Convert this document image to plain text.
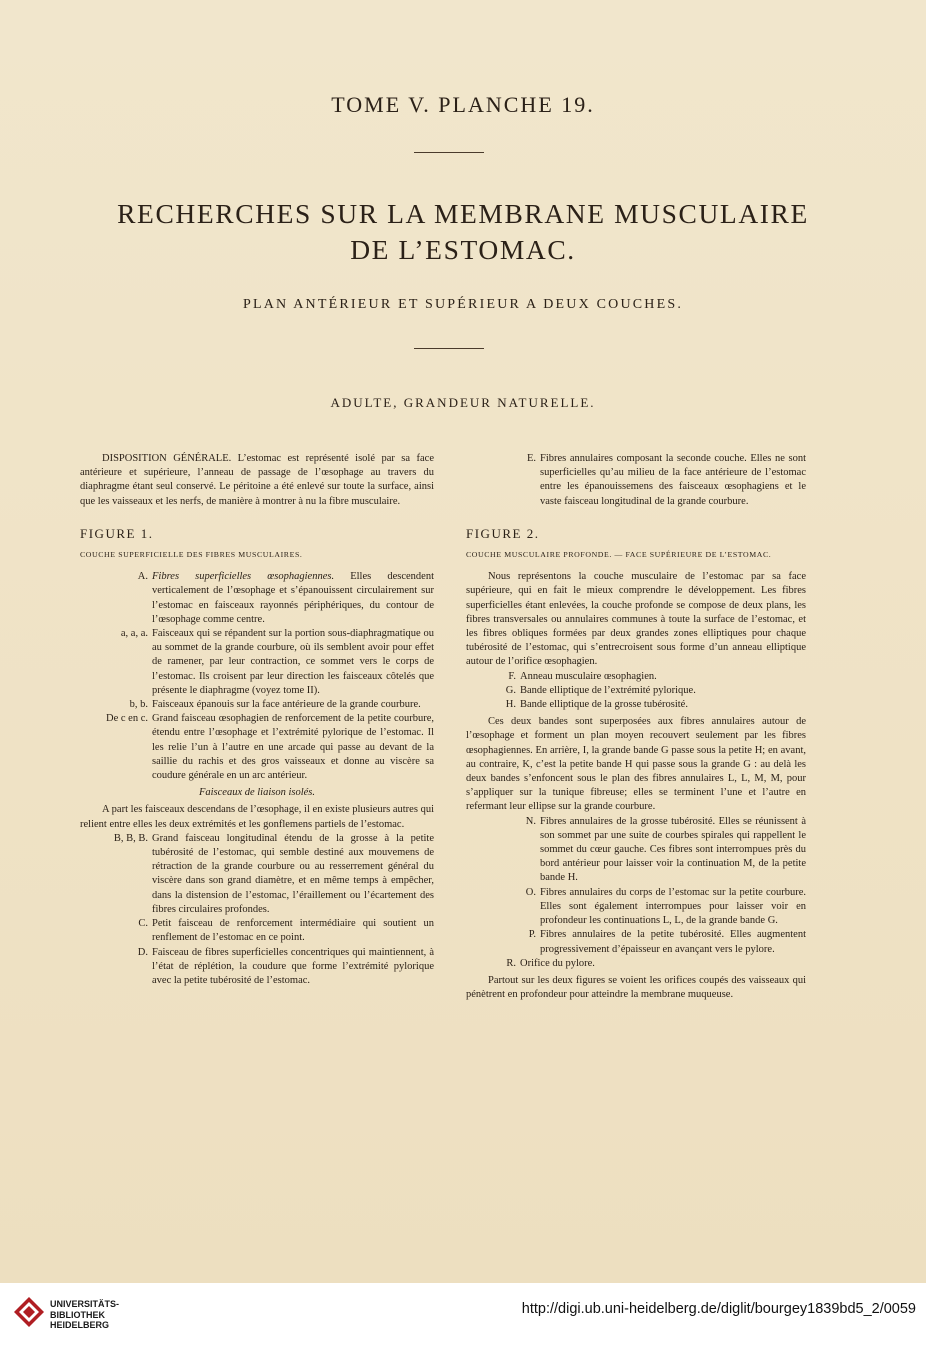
TOME V. PLANCHE 19.
RECHERCHES SUR LA MEMBRANE MUSCULAIRE
DE L’ESTOMAC.
PLAN ANTÉRIEUR ET SUPÉRIEUR A DEUX COUCHES.
ADULTE, GRANDEUR NATURELLE.

DISPOSITION GÉNÉRALE. L’estomac est représenté isolé par sa face antérieure et supérieure, l’anneau de passage de l’œsophage au travers du diaphragme étant seul conservé. Le péritoine a été enlevé sur toute la surface, ainsi que les vaisseaux et les nerfs, de manière à montrer à nu la fibre musculaire.

FIGURE 1.

COUCHE SUPERFICIELLE DES FIBRES MUSCULAIRES.

A. Fibres superficielles œsophagiennes. Elles descendent verticalement de l’œsophage et s’épanouissent circulairement sur l’estomac en faisceaux rayonnés périphériques, du contour de l’œsophage comme centre.
a, a, a. Faisceaux qui se répandent sur la portion sous-diaphragmatique ou au sommet de la grande courbure, où ils semblent avoir pour effet de ramener, par leur contraction, ce sommet vers le corps de l’estomac. Ils croisent par leur direction les faisceaux côtelés que présente le diaphragme (voyez tome II).
b, b. Faisceaux épanouis sur la face antérieure de la grande courbure.
De c en c. Grand faisceau œsophagien de renforcement de la petite courbure, étendu entre l’œsophage et l’extrémité pylorique de l’estomac. Il les relie l’un à l’autre en une arcade qui passe au devant de la saillie du rachis et des gros vaisseaux et donne au viscère sa coudure générale en un arc antérieur.

Faisceaux de liaison isolés.

A part les faisceaux descendans de l’œsophage, il en existe plusieurs autres qui relient entre elles les deux extrémités et les gonflemens partiels de l’estomac.

B, B, B. Grand faisceau longitudinal étendu de la grosse à la petite tubérosité de l’estomac, qui semble destiné aux mouvemens de rétraction de la grande courbure ou au resserrement général du viscère dans son grand diamètre, et en même temps à empêcher, dans la distension de l’estomac, l’éraillement ou l’écartement des fibres circulaires profondes.
C. Petit faisceau de renforcement intermédiaire qui soutient un renflement de l’estomac en ce point.
D. Faisceau de fibres superficielles concentriques qui maintiennent, à l’état de réplétion, la coudure que forme l’extrémité pylorique avec la petite tubérosité de l’estomac.
E. Fibres annulaires composant la seconde couche. Elles ne sont superficielles qu’au milieu de la face antérieure de l’estomac entre les épanouissemens des faisceaux œsophagiens et le vaste faisceau longitudinal de la grande courbure.

FIGURE 2.

COUCHE MUSCULAIRE PROFONDE. — FACE SUPÉRIEURE DE L’ESTOMAC.

Nous représentons la couche musculaire de l’estomac par sa face supérieure, qui en fait le mieux comprendre le développement. Les fibres superficielles étant enlevées, la couche profonde se compose de deux plans, les fibres transversales ou annulaires communes à toute la surface de l’estomac, et les fibres obliques formées par deux grandes zones elliptiques pour chaque tubérosité de l’estomac, qui s’entrecroisent sous forme d’un anneau elliptique autour de l’orifice œsophagien.

F. Anneau musculaire œsophagien.
G. Bande elliptique de l’extrémité pylorique.
H. Bande elliptique de la grosse tubérosité.

Ces deux bandes sont superposées aux fibres annulaires autour de l’œsophage et forment un plan moyen recouvert seulement par les fibres œsophagiennes. En arrière, I, la grande bande G passe sous la petite H; en avant, au contraire, K, c’est la petite bande H qui passe sous la grande G : au delà les deux bandes s’enfoncent sous le plan des fibres annulaires L, L, M, M, pour s’appliquer sur la tunique fibreuse; elles se terminent l’une et l’autre en refermant leur ellipse sur la grande courbure.

N. Fibres annulaires de la grosse tubérosité. Elles se réunissent à son sommet par une suite de courbes spirales qui rappellent le sommet du cœur gauche. Ces fibres sont interrompues près du bord antérieur pour laisser voir la continuation M, de la petite bande H.
O. Fibres annulaires du corps de l’estomac sur la petite courbure. Elles sont également interrompues pour laisser voir en profondeur les continuations L, L, de la grande bande G.
P. Fibres annulaires de la petite tubérosité. Elles augmentent progressivement d’épaisseur en avançant vers le pylore.
R. Orifice du pylore.

Partout sur les deux figures se voient les orifices coupés des vaisseaux qui pénètrent en profondeur pour atteindre la membrane muqueuse.

UNIVERSITÄTS-
BIBLIOTHEK
HEIDELBERG
http://digi.ub.uni-heidelberg.de/diglit/bourgey1839bd5_2/0059
